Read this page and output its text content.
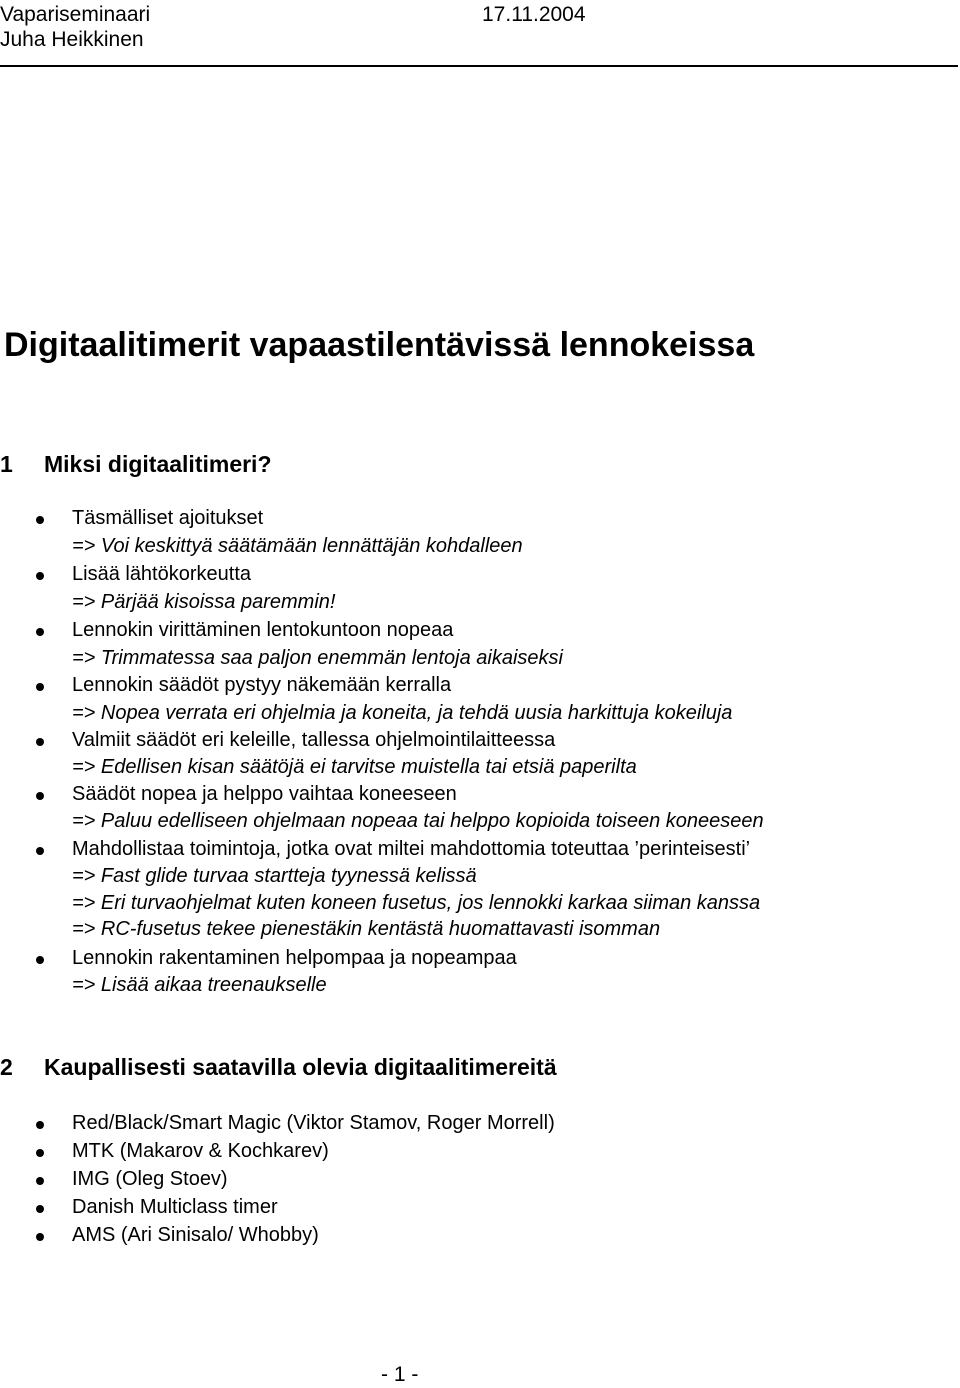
Vapariseminaari	17.11.2004
Juha Heikkinen
Digitaalitimerit vapaastilentävissä lennokeissa
1 Miksi digitaalitimeri?
Täsmälliset ajoitukset
=> Voi keskittyä säätämään lennättäjän kohdalleen
Lisää lähtökorkeutta
=> Pärjää kisoissa paremmin!
Lennokin virittäminen lentokuntoon nopeaa
=> Trimmatessa saa paljon enemmän lentoja aikaiseksi
Lennokin säädöt pystyy näkemään kerralla
=> Nopea verrata eri ohjelmia ja koneita, ja tehdä uusia harkittuja kokeiluja
Valmiit säädöt eri keleille, tallessa ohjelmointilaitteessa
=> Edellisen kisan säätöjä ei tarvitse muistella tai etsiä paperilta
Säädöt nopea ja helppo vaihtaa koneeseen
=> Paluu edelliseen ohjelmaan nopeaa tai helppo kopioida toiseen koneeseen
Mahdollistaa toimintoja, jotka ovat miltei mahdottomia toteuttaa ’perinteisesti’
=> Fast glide turvaa startteja tyynessä kelissä
=> Eri turvaohjelmat kuten koneen fusetus, jos lennokki karkaa siiman kanssa
=> RC-fusetus tekee pienestäkin kentästä huomattavasti isomman
Lennokin rakentaminen helpompaa ja nopeampaa
=> Lisää aikaa treenaukselle
2 Kaupallisesti saatavilla olevia digitaalitimereitä
Red/Black/Smart Magic (Viktor Stamov, Roger Morrell)
MTK (Makarov & Kochkarev)
IMG (Oleg Stoev)
Danish Multiclass timer
AMS (Ari Sinisalo/ Whobby)
- 1 -
